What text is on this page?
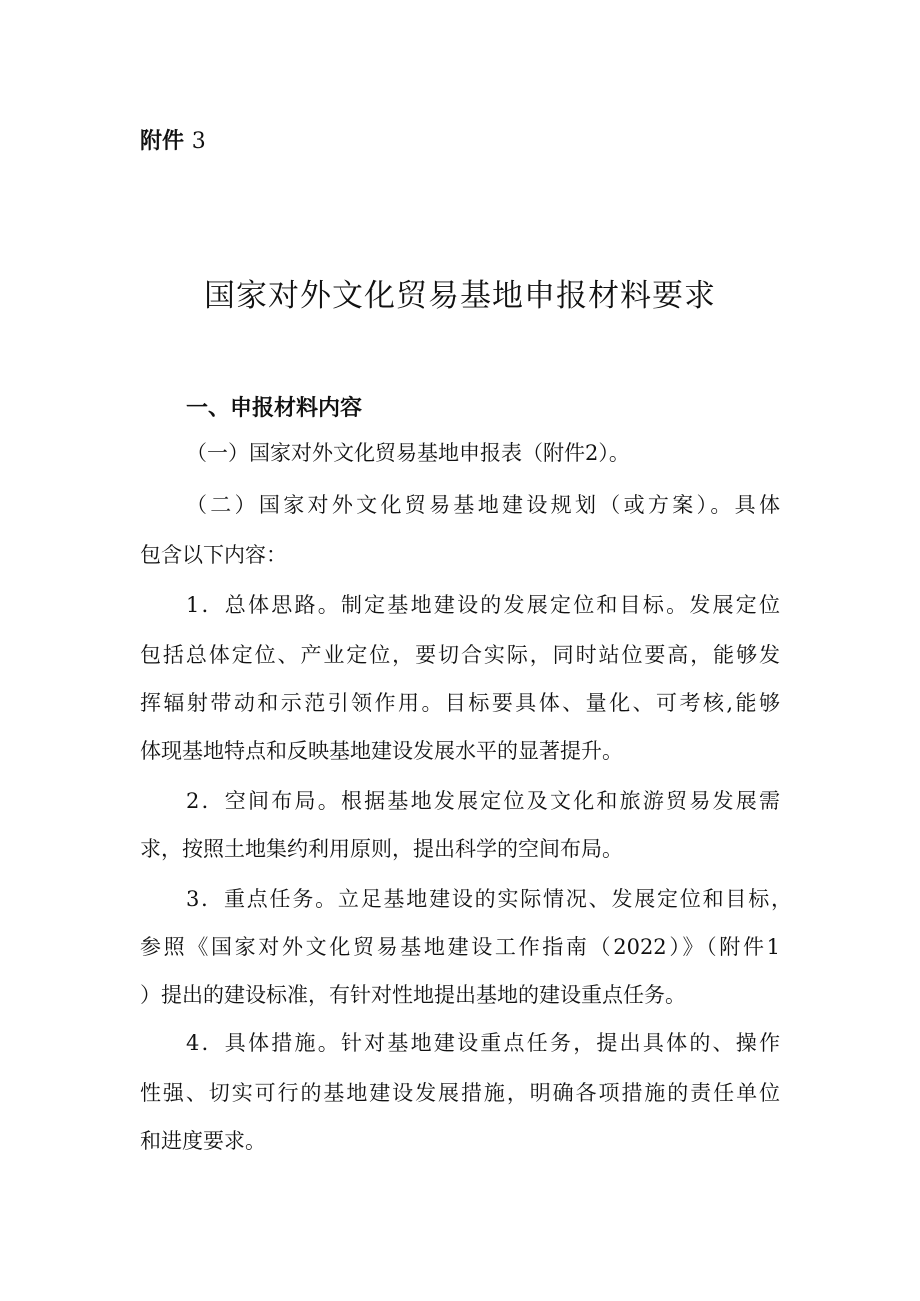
附件 3
国家对外文化贸易基地申报材料要求
一、申报材料内容
（一）国家对外文化贸易基地申报表（附件2）。
（二）国家对外文化贸易基地建设规划（或方案）。具体
包含以下内容：
1．总体思路。制定基地建设的发展定位和目标。发展定位
包括总体定位、产业定位，要切合实际，同时站位要高，能够发
挥辐射带动和示范引领作用。目标要具体、量化、可考核,能够
体现基地特点和反映基地建设发展水平的显著提升。
2．空间布局。根据基地发展定位及文化和旅游贸易发展需
求，按照土地集约利用原则，提出科学的空间布局。
3．重点任务。立足基地建设的实际情况、发展定位和目标，
参照《国家对外文化贸易基地建设工作指南（2022）》（附件1
）提出的建设标准，有针对性地提出基地的建设重点任务。
4．具体措施。针对基地建设重点任务，提出具体的、操作
性强、切实可行的基地建设发展措施，明确各项措施的责任单位
和进度要求。
